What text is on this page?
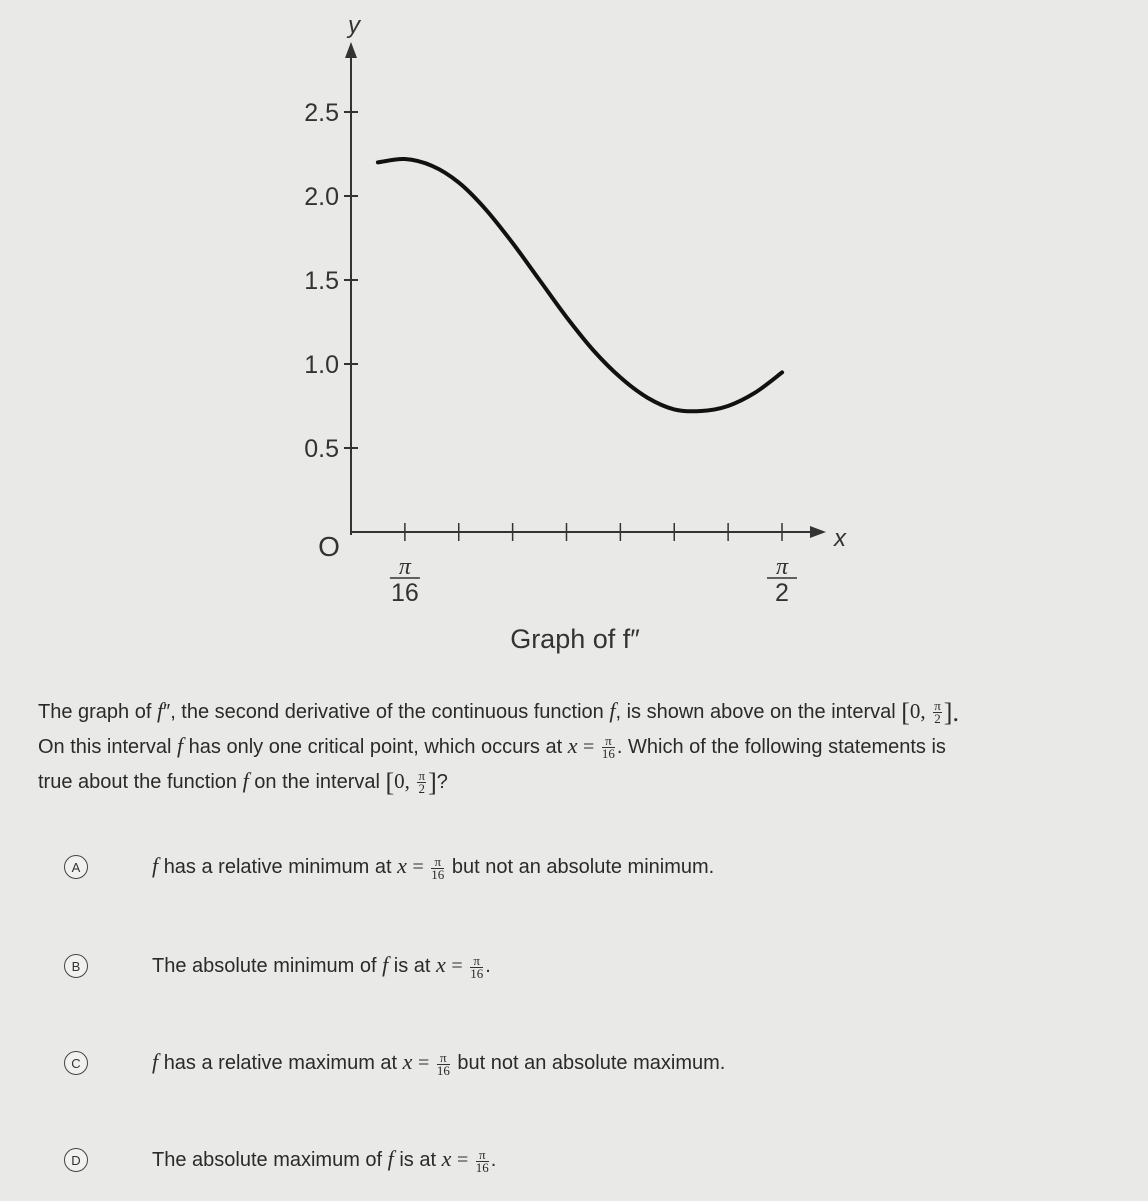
y
x
O
0.5
1.0
1.5
2.0
2.5
π
16
π
2
Graph of f″
The graph of f″, the second derivative of the continuous function f, is shown above on the interval [0, $\frac{\pi}{2}$ ].
On this interval f has only one critical point, which occurs at $x = \frac{\pi}{16}$ . Which of the following statements is
true about the function f on the interval [0, $\frac{\pi}{2}$ ]?
A	f has a relative minimum at $x = \frac{\pi}{16}$ but not an absolute minimum.
B	The absolute minimum of f is at $x = \frac{\pi}{16}$ .
C	f has a relative maximum at $x = \frac{\pi}{16}$ but not an absolute maximum.
D	The absolute maximum of f is at $x = \frac{\pi}{16}$ .
